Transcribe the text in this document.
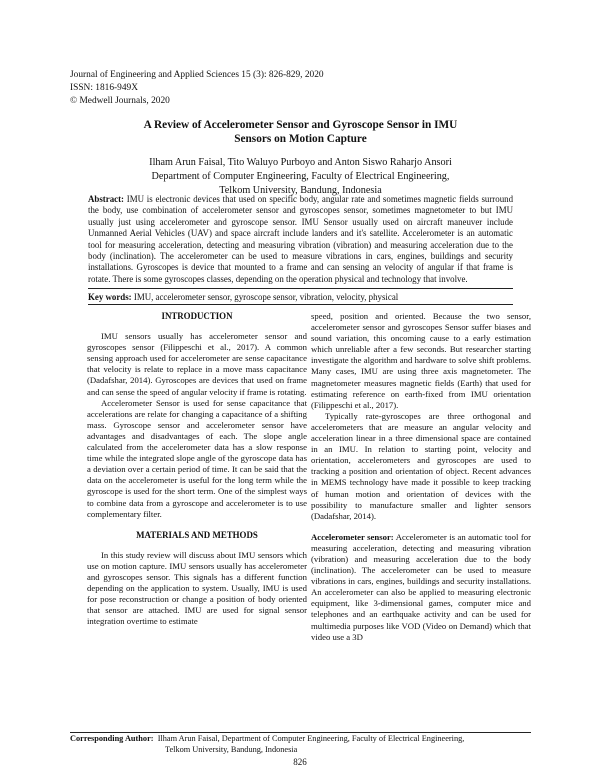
Journal of Engineering and Applied Sciences 15 (3): 826-829, 2020
ISSN: 1816-949X
© Medwell Journals, 2020
A Review of Accelerometer Sensor and Gyroscope Sensor in IMU
Sensors on Motion Capture
Ilham Arun Faisal, Tito Waluyo Purboyo and Anton Siswo Raharjo Ansori
Department of Computer Engineering, Faculty of Electrical Engineering,
Telkom University, Bandung, Indonesia
Abstract: IMU is electronic devices that used on specific body, angular rate and sometimes magnetic fields surround the body, use combination of accelerometer sensor and gyroscopes sensor, sometimes magnetometer to but IMU usually just using accelerometer and gyroscope sensor. IMU Sensor usually used on aircraft maneuver include Unmanned Aerial Vehicles (UAV) and space aircraft include landers and it's satellite. Accelerometer is an automatic tool for measuring acceleration, detecting and measuring vibration (vibration) and measuring acceleration due to the body (inclination). The accelerometer can be used to measure vibrations in cars, engines, buildings and security installations. Gyroscopes is device that mounted to a frame and can sensing an velocity of angular if that frame is rotate. There is some gyroscopes classes, depending on the operation physical and technology that involve.
Key words: IMU, accelerometer sensor, gyroscope sensor, vibration, velocity, physical
INTRODUCTION

IMU sensors usually has accelerometer sensor and gyroscopes sensor (Filippeschi et al., 2017). A common sensing approach used for accelerometer are sense capacitance that velocity is relate to replace in a move mass capacitance (Dadafshar, 2014). Gyroscopes are devices that used on frame and can sense the speed of angular velocity if frame is rotating.

Accelerometer Sensor is used for sense capacitance that accelerations are relate for changing a capacitance of a shifting mass. Gyroscope sensor and accelerometer sensor have advantages and disadvantages of each. The slope angle calculated from the accelerometer data has a slow response time while the integrated slope angle of the gyroscope data has a deviation over a certain period of time. It can be said that the data on the accelerometer is useful for the long term while the gyroscope is used for the short term. One of the simplest ways to combine data from a gyroscope and accelerometer is to use complementary filter.

MATERIALS AND METHODS

In this study review will discuss about IMU sensors which use on motion capture. IMU sensors usually has accelerometer and gyroscopes sensor. This signals has a different function depending on the application to system. Usually, IMU is used for pose reconstruction or change a position of body oriented that sensor are attached. IMU are used for signal sensor integration overtime to estimate

speed, position and oriented. Because the two sensor, accelerometer sensor and gyroscopes Sensor suffer biases and sound variation, this oncoming cause to a early estimation which unreliable after a few seconds. But researcher starting investigate the algorithm and hardware to solve shift problems. Many cases, IMU are using three axis magnetometer. The magnetometer measures magnetic fields (Earth) that used for estimating reference on earth-fixed from IMU orientation (Filippeschi et al., 2017).

Typically rate-gyroscopes are three orthogonal and accelerometers that are measure an angular velocity and acceleration linear in a three dimensional space are contained in an IMU. In relation to starting point, velocity and orientation, accelerometers and gyroscopes are used to tracking a position and orientation of object. Recent advances in MEMS technology have made it possible to keep tracking of human motion and orientation of devices with the possibility to manufacture smaller and lighter sensors (Dadafshar, 2014).

Accelerometer sensor: Accelerometer is an automatic tool for measuring acceleration, detecting and measuring vibration (vibration) and measuring acceleration due to the body (inclination). The accelerometer can be used to measure vibrations in cars, engines, buildings and security installations. An accelerometer can also be applied to measuring electronic equipment, like 3-dimensional games, computer mice and telephones and an earthquake activity and can be used for multimedia purposes like VOD (Video on Demand) which that video use a 3D

Corresponding Author: Ilham Arun Faisal, Department of Computer Engineering, Faculty of Electrical Engineering,
Telkom University, Bandung, Indonesia
826
